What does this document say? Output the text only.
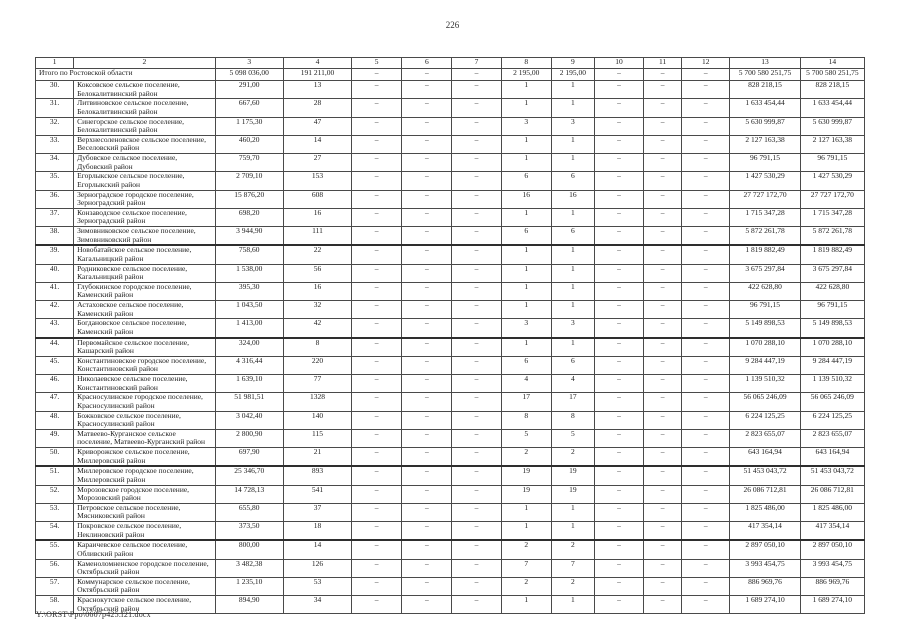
226
1	2	3	4	5	6	7	8	9	10	11	12	13	14
Итого по Ростовской области		5 098 036,00	191 211,00	–	–	–	2 195,00	2 195,00	–	–	–	5 700 580 251,75	5 700 580 251,75
30.	Коксовское сельское поселение, Белокалитвинский район	291,00	13	–	–	–	1	1	–	–	–	828 218,15	828 218,15
31.	Литвиновское сельское поселение, Белокалитвинский район	667,60	28	–	–	–	1	1	–	–	–	1 633 454,44	1 633 454,44
32.	Синегорское сельское поселение, Белокалитвинский район	1 175,30	47	–	–	–	3	3	–	–	–	5 630 999,87	5 630 999,87
33.	Верхнесоленовское сельское поселение, Веселовский район	460,20	14	–	–	–	1	1	–	–	–	2 127 163,38	2 127 163,38
34.	Дубовское сельское поселение, Дубовский район	759,70	27	–	–	–	1	1	–	–	–	96 791,15	96 791,15
35.	Егорлыкское сельское поселение, Егорлыкский район	2 709,10	153	–	–	–	6	6	–	–	–	1 427 530,29	1 427 530,29
36.	Зерноградское городское поселение, Зерноградский район	15 876,20	608	–	–	–	16	16	–	–	–	27 727 172,70	27 727 172,70
37.	Конзаводское сельское поселение, Зерноградский район	698,20	16	–	–	–	1	1	–	–	–	1 715 347,28	1 715 347,28
38.	Зимовниковское сельское поселение, Зимовниковский район	3 944,90	111	–	–	–	6	6	–	–	–	5 872 261,78	5 872 261,78
39.	Новобатайское сельское поселение, Кагальницкий район	758,60	22	–	–	–	1	1	–	–	–	1 819 882,49	1 819 882,49
40.	Родниковское сельское поселение, Кагальницкий район	1 538,00	56	–	–	–	1	1	–	–	–	3 675 297,84	3 675 297,84
41.	Глубокинское городское поселение, Каменский район	395,30	16	–	–	–	1	1	–	–	–	422 628,80	422 628,80
42.	Астаховское сельское поселение, Каменский район	1 043,50	32	–	–	–	1	1	–	–	–	96 791,15	96 791,15
43.	Богдановское сельское поселение, Каменский район	1 413,00	42	–	–	–	3	3	–	–	–	5 149 898,53	5 149 898,53
44.	Первомайское сельское поселение, Кашарский район	324,00	8	–	–	–	1	1	–	–	–	1 070 288,10	1 070 288,10
45.	Константиновское городское поселение, Константиновский район	4 316,44	220	–	–	–	6	6	–	–	–	9 284 447,19	9 284 447,19
46.	Николаевское сельское поселение, Константиновский район	1 639,10	77	–	–	–	4	4	–	–	–	1 139 510,32	1 139 510,32
47.	Красносулинское городское поселение, Красносулинский район	51 981,51	1328	–	–	–	17	17	–	–	–	56 065 246,09	56 065 246,09
48.	Божковское сельское поселение, Красносулинский район	3 042,40	140	–	–	–	8	8	–	–	–	6 224 125,25	6 224 125,25
49.	Матвеево-Курганское сельское поселение, Матвеево-Курганский район	2 800,90	115	–	–	–	5	5	–	–	–	2 823 655,07	2 823 655,07
50.	Криворожское сельское поселение, Миллеровский район	697,90	21	–	–	–	2	2	–	–	–	643 164,94	643 164,94
51.	Миллеровское городское поселение, Миллеровский район	25 346,70	893	–	–	–	19	19	–	–	–	51 453 043,72	51 453 043,72
52.	Морозовское городское поселение, Морозовский район	14 728,13	541	–	–	–	19	19	–	–	–	26 086 712,81	26 086 712,81
53.	Петровское сельское поселение, Мясниковский район	655,80	37	–	–	–	1	1	–	–	–	1 825 486,00	1 825 486,00
54.	Покровское сельское поселение, Неклиновский район	373,50	18	–	–	–	1	1	–	–	–	417 354,14	417 354,14
55.	Караичевское сельское поселение, Обливский район	800,00	14	–	–	–	2	2	–	–	–	2 897 050,10	2 897 050,10
56.	Каменоломненское городское поселение, Октябрьский район	3 482,38	126	–	–	–	7	7	–	–	–	3 993 454,75	3 993 454,75
57.	Коммунарское сельское поселение, Октябрьский район	1 235,10	53	–	–	–	2	2	–	–	–	886 969,76	886 969,76
58.	Краснокутское сельское поселение, Октябрьский район	894,90	34	–	–	–	1	1	–	–	–	1 689 274,10	1 689 274,10
Y:\ORST\Ppo\0607p425.f21.docx
